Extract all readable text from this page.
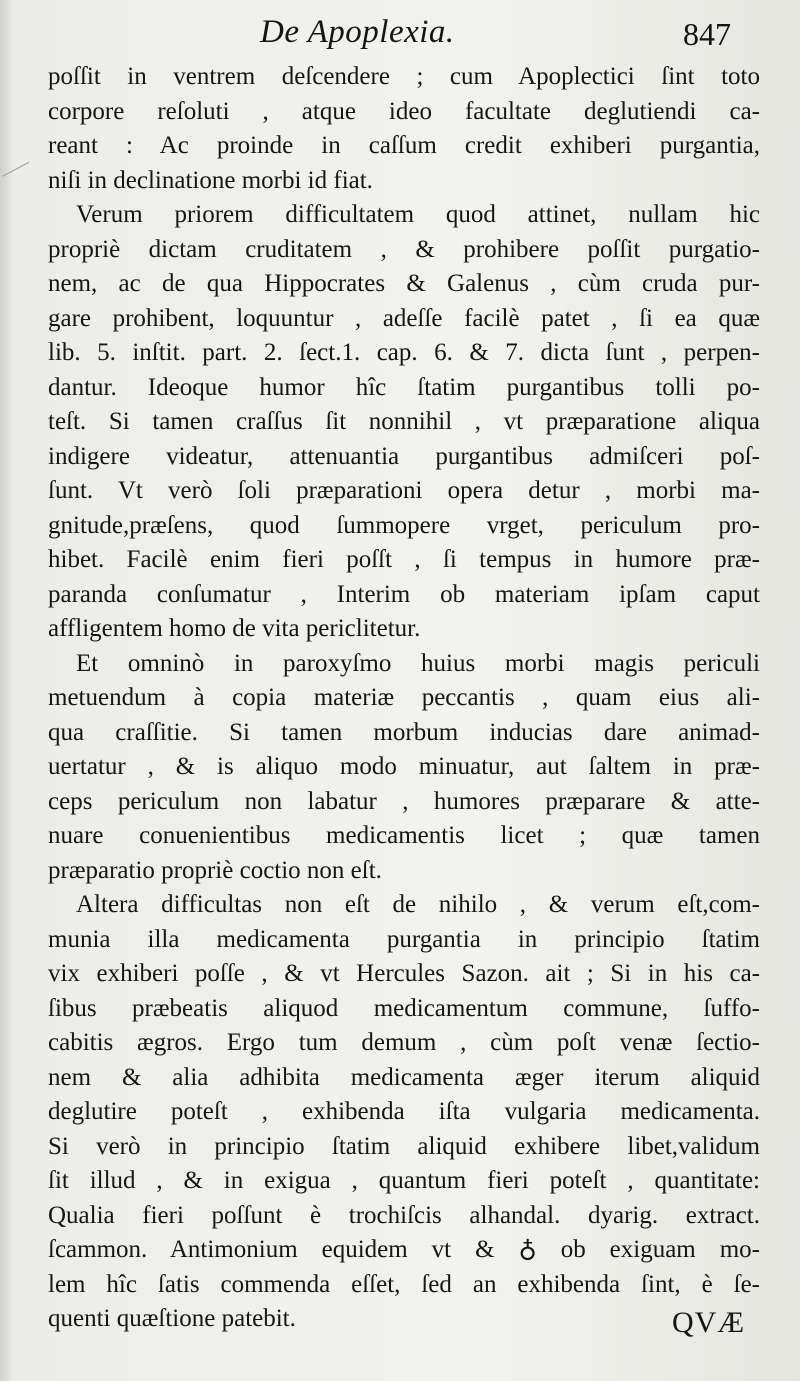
De Apoplexia.	847
poſſit in ventrem deſcendere ; cum Apoplectici ſint toto
corpore reſoluti , atque ideo facultate deglutiendi ca-
reant : Ac proinde in caſſum credit exhiberi purgantia,
niſi in declinatione morbi id fiat.
Verum priorem difficultatem quod attinet, nullam hic
propriè dictam cruditatem , & prohibere poſſit purgatio-
nem, ac de qua Hippocrates & Galenus , cùm cruda pur-
gare prohibent, loquuntur , adeſſe facilè patet , ſi ea quæ
lib. 5. inſtit. part. 2. ſect.1. cap. 6. & 7. dicta ſunt , perpen-
dantur. Ideoque humor hîc ſtatim purgantibus tolli po-
teſt. Si tamen craſſus ſit nonnihil , vt præparatione aliqua
indigere videatur, attenuantia purgantibus admiſceri poſ-
ſunt. Vt verò ſoli præparationi opera detur , morbi ma-
gnitude,præſens, quod ſummopere vrget, periculum pro-
hibet. Facilè enim fieri poſſt , ſi tempus in humore præ-
paranda conſumatur , Interim ob materiam ipſam caput
affligentem homo de vita periclitetur.
Et omninò in paroxyſmo huius morbi magis periculi
metuendum à copia materiæ peccantis , quam eius ali-
qua craſſitie. Si tamen morbum inducias dare animad-
uertatur , & is aliquo modo minuatur, aut ſaltem in præ-
ceps periculum non labatur , humores præparare & atte-
nuare conuenientibus medicamentis licet ; quæ tamen
præparatio propriè coctio non eſt.
Altera difficultas non eſt de nihilo , & verum eſt,com-
munia illa medicamenta purgantia in principio ſtatim
vix exhiberi poſſe , & vt Hercules Sazon. ait ; Si in his ca-
ſibus præbeatis aliquod medicamentum commune, ſuffo-
cabitis ægros. Ergo tum demum , cùm poſt venæ ſectio-
nem & alia adhibita medicamenta æger iterum aliquid
deglutire poteſt , exhibenda iſta vulgaria medicamenta.
Si verò in principio ſtatim aliquid exhibere libet,validum
ſit illud , & in exigua , quantum fieri poteſt , quantitate:
Qualia fieri poſſunt è trochiſcis alhandal. dyarig. extract.
ſcammon. Antimonium equidem vt & ♁ ob exiguam mo-
lem hîc ſatis commenda eſſet, ſed an exhibenda ſint, è ſe-
quenti quæſtione patebit.	QVÆ
